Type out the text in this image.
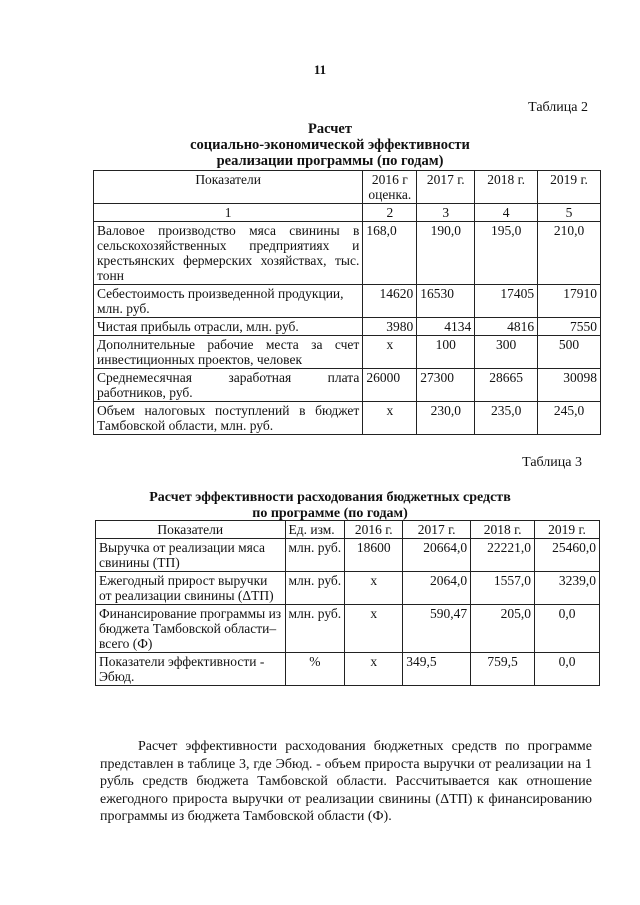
11
Таблица 2
Расчет
социально-экономической эффективности
реализации программы (по годам)
Показатели	2016 г оценка.	2017 г.	2018 г.	2019 г.
1	2	3	4	5
Валовое производство мяса свинины в сельскохозяйственных предприятиях и крестьянских фермерских хозяйствах, тыс. тонн	168,0	190,0	195,0	210,0
Себестоимость произведенной продукции, млн. руб.	14620	16530	17405	17910
Чистая прибыль отрасли, млн. руб.	3980	4134	4816	7550
Дополнительные рабочие места за счет инвестиционных проектов, человек	х	100	300	500
Среднемесячная заработная плата работников, руб.	26000	27300	28665	30098
Объем налоговых поступлений в бюджет Тамбовской области, млн. руб.	х	230,0	235,0	245,0
Таблица 3
Расчет эффективности расходования бюджетных средств
по программе (по годам)
Показатели	Ед. изм.	2016 г.	2017 г.	2018 г.	2019 г.
Выручка от реализации мяса свинины (ТП)	млн. руб.	18600	20664,0	22221,0	25460,0
Ежегодный прирост выручки от реализации свинины (ΔТП)	млн. руб.	х	2064,0	1557,0	3239,0
Финансирование программы из бюджета Тамбовской области– всего (Ф)	млн. руб.	х	590,47	205,0	0,0
Показатели эффективности - Эбюд.	%	х	349,5	759,5	0,0
Расчет эффективности расходования бюджетных средств по программе представлен в таблице 3, где Эбюд. - объем прироста выручки от реализации на 1 рубль средств бюджета Тамбовской области. Рассчитывается как отношение ежегодного прироста выручки от реализации свинины (ΔТП) к финансированию программы из бюджета Тамбовской области (Ф).
